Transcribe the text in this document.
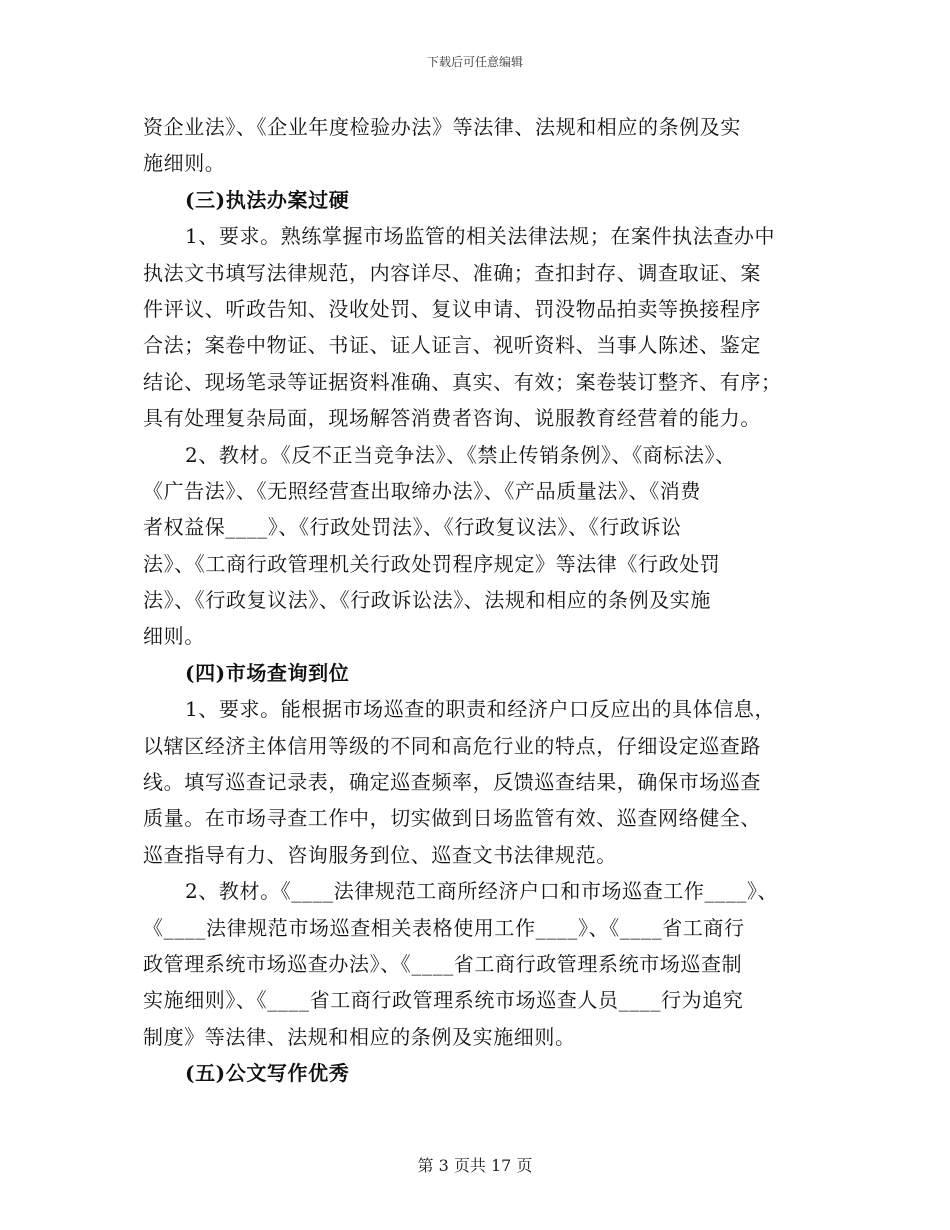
下载后可任意编辑
资企业法》、《企业年度检验办法》等法律、法规和相应的条例及实
施细则。
(三)执法办案过硬
1、要求。熟练掌握市场监管的相关法律法规；在案件执法查办中
执法文书填写法律规范，内容详尽、准确；查扣封存、调查取证、案
件评议、听政告知、没收处罚、复议申请、罚没物品拍卖等换接程序
合法；案卷中物证、书证、证人证言、视听资料、当事人陈述、鉴定
结论、现场笔录等证据资料准确、真实、有效；案卷装订整齐、有序；
具有处理复杂局面，现场解答消费者咨询、说服教育经营着的能力。
2、教材。《反不正当竞争法》、《禁止传销条例》、《商标法》、
《广告法》、《无照经营查出取缔办法》、《产品质量法》、《消费
者权益保____》、《行政处罚法》、《行政复议法》、《行政诉讼
法》、《工商行政管理机关行政处罚程序规定》等法律《行政处罚
法》、《行政复议法》、《行政诉讼法》、法规和相应的条例及实施
细则。
(四)市场查询到位
1、要求。能根据市场巡查的职责和经济户口反应出的具体信息，
以辖区经济主体信用等级的不同和高危行业的特点，仔细设定巡查路
线。填写巡查记录表，确定巡查频率，反馈巡查结果，确保市场巡查
质量。在市场寻查工作中，切实做到日场监管有效、巡查网络健全、
巡查指导有力、咨询服务到位、巡查文书法律规范。
2、教材。《____法律规范工商所经济户口和市场巡查工作____》、
《____法律规范市场巡查相关表格使用工作____》、《____省工商行
政管理系统市场巡查办法》、《____省工商行政管理系统市场巡查制
实施细则》、《____省工商行政管理系统市场巡查人员____行为追究
制度》等法律、法规和相应的条例及实施细则。
(五)公文写作优秀
第 3 页共 17 页
